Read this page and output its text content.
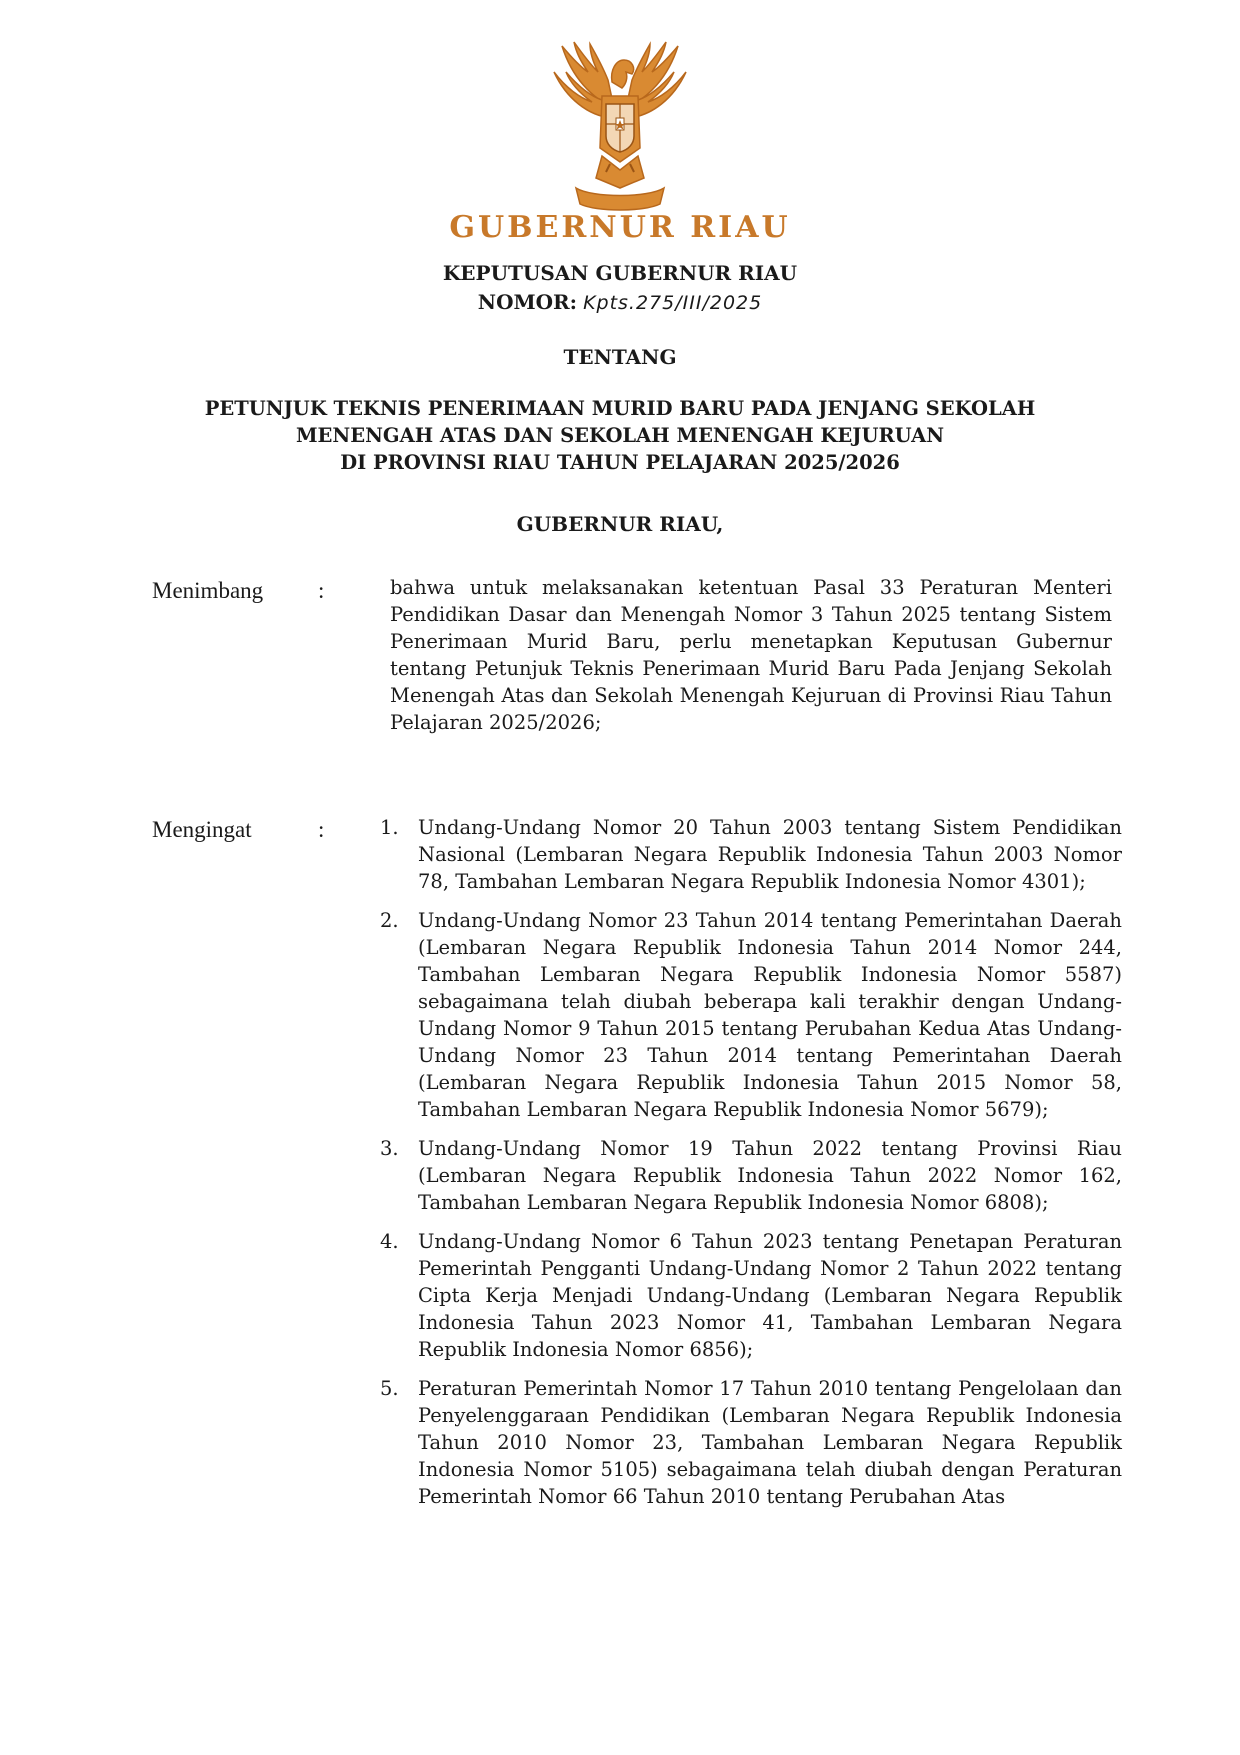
GUBERNUR RIAU
KEPUTUSAN GUBERNUR RIAU
NOMOR: Kpts.275/III/2025
TENTANG
PETUNJUK TEKNIS PENERIMAAN MURID BARU PADA JENJANG SEKOLAH
MENENGAH ATAS DAN SEKOLAH MENENGAH KEJURUAN
DI PROVINSI RIAU TAHUN PELAJARAN 2025/2026
GUBERNUR RIAU,
Menimbang :	bahwa untuk melaksanakan ketentuan Pasal 33 Peraturan Menteri Pendidikan Dasar dan Menengah Nomor 3 Tahun 2025 tentang Sistem Penerimaan Murid Baru, perlu menetapkan Keputusan Gubernur tentang Petunjuk Teknis Penerimaan Murid Baru Pada Jenjang Sekolah Menengah Atas dan Sekolah Menengah Kejuruan di Provinsi Riau Tahun Pelajaran 2025/2026;
Mengingat	:	1. Undang-Undang Nomor 20 Tahun 2003 tentang Sistem Pendidikan Nasional (Lembaran Negara Republik Indonesia Tahun 2003 Nomor 78, Tambahan Lembaran Negara Republik Indonesia Nomor 4301);
2. Undang-Undang Nomor 23 Tahun 2014 tentang Pemerintahan Daerah (Lembaran Negara Republik Indonesia Tahun 2014 Nomor 244, Tambahan Lembaran Negara Republik Indonesia Nomor 5587) sebagaimana telah diubah beberapa kali terakhir dengan Undang-Undang Nomor 9 Tahun 2015 tentang Perubahan Kedua Atas Undang-Undang Nomor 23 Tahun 2014 tentang Pemerintahan Daerah (Lembaran Negara Republik Indonesia Tahun 2015 Nomor 58, Tambahan Lembaran Negara Republik Indonesia Nomor 5679);
3. Undang-Undang Nomor 19 Tahun 2022 tentang Provinsi Riau (Lembaran Negara Republik Indonesia Tahun 2022 Nomor 162, Tambahan Lembaran Negara Republik Indonesia Nomor 6808);
4. Undang-Undang Nomor 6 Tahun 2023 tentang Penetapan Peraturan Pemerintah Pengganti Undang-Undang Nomor 2 Tahun 2022 tentang Cipta Kerja Menjadi Undang-Undang (Lembaran Negara Republik Indonesia Tahun 2023 Nomor 41, Tambahan Lembaran Negara Republik Indonesia Nomor 6856);
5. Peraturan Pemerintah Nomor 17 Tahun 2010 tentang Pengelolaan dan Penyelenggaraan Pendidikan (Lembaran Negara Republik Indonesia Tahun 2010 Nomor 23, Tambahan Lembaran Negara Republik Indonesia Nomor 5105) sebagaimana telah diubah dengan Peraturan Pemerintah Nomor 66 Tahun 2010 tentang Perubahan Atas
